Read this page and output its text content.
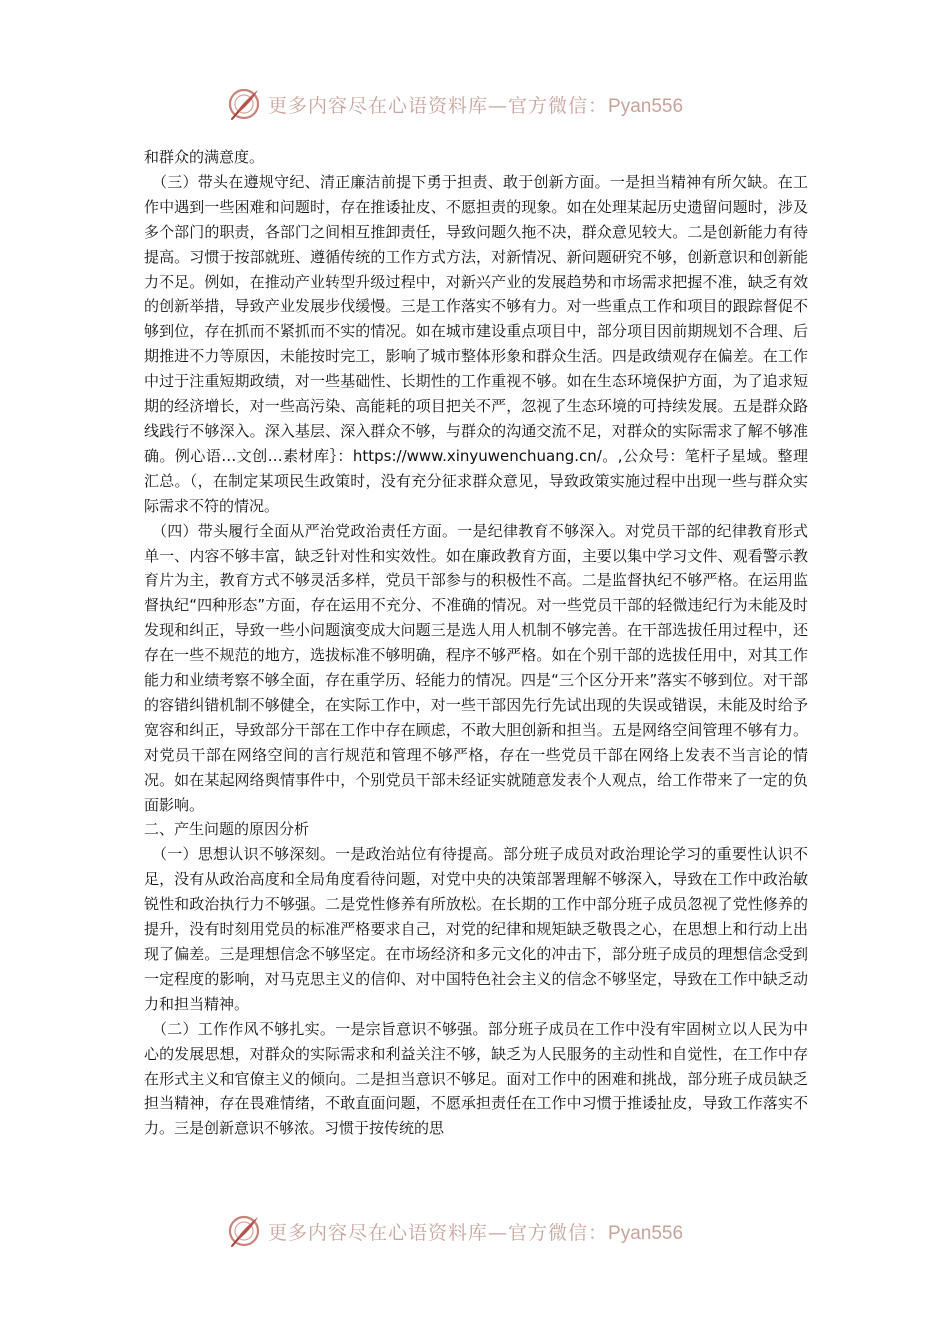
更多内容尽在心语资料库—官方微信：Pyan556

和群众的满意度。

（三）带头在遵规守纪、清正廉洁前提下勇于担责、敢于创新方面。一是担当精神有所欠缺。在工作中遇到一些困难和问题时，存在推诿扯皮、不愿担责的现象。如在处理某起历史遗留问题时，涉及多个部门的职责，各部门之间相互推卸责任，导致问题久拖不决，群众意见较大。二是创新能力有待提高。习惯于按部就班、遵循传统的工作方式方法，对新情况、新问题研究不够，创新意识和创新能力不足。例如，在推动产业转型升级过程中，对新兴产业的发展趋势和市场需求把握不准，缺乏有效的创新举措，导致产业发展步伐缓慢。三是工作落实不够有力。对一些重点工作和项目的跟踪督促不够到位，存在抓而不紧抓而不实的情况。如在城市建设重点项目中，部分项目因前期规划不合理、后期推进不力等原因，未能按时完工，影响了城市整体形象和群众生活。四是政绩观存在偏差。在工作中过于注重短期政绩，对一些基础性、长期性的工作重视不够。如在生态环境保护方面，为了追求短期的经济增长，对一些高污染、高能耗的项目把关不严，忽视了生态环境的可持续发展。五是群众路线践行不够深入。深入基层、深入群众不够，与群众的沟通交流不足，对群众的实际需求了解不够准确。例心语…文创…素材库｝：https://www.xinyuwenchuang.cn/。,公众号：笔杆子星域。整理汇总。（，在制定某项民生政策时，没有充分征求群众意见，导致政策实施过程中出现一些与群众实际需求不符的情况。

（四）带头履行全面从严治党政治责任方面。一是纪律教育不够深入。对党员干部的纪律教育形式单一、内容不够丰富，缺乏针对性和实效性。如在廉政教育方面，主要以集中学习文件、观看警示教育片为主，教育方式不够灵活多样，党员干部参与的积极性不高。二是监督执纪不够严格。在运用监督执纪“四种形态”方面，存在运用不充分、不准确的情况。对一些党员干部的轻微违纪行为未能及时发现和纠正，导致一些小问题演变成大问题三是选人用人机制不够完善。在干部选拔任用过程中，还存在一些不规范的地方，选拔标准不够明确，程序不够严格。如在个别干部的选拔任用中，对其工作能力和业绩考察不够全面，存在重学历、轻能力的情况。四是“三个区分开来”落实不够到位。对干部的容错纠错机制不够健全，在实际工作中，对一些干部因先行先试出现的失误或错误，未能及时给予宽容和纠正，导致部分干部在工作中存在顾虑，不敢大胆创新和担当。五是网络空间管理不够有力。对党员干部在网络空间的言行规范和管理不够严格，存在一些党员干部在网络上发表不当言论的情况。如在某起网络舆情事件中，个别党员干部未经证实就随意发表个人观点，给工作带来了一定的负面影响。

二、产生问题的原因分析

（一）思想认识不够深刻。一是政治站位有待提高。部分班子成员对政治理论学习的重要性认识不足，没有从政治高度和全局角度看待问题，对党中央的决策部署理解不够深入，导致在工作中政治敏锐性和政治执行力不够强。二是党性修养有所放松。在长期的工作中部分班子成员忽视了党性修养的提升，没有时刻用党员的标准严格要求自己，对党的纪律和规矩缺乏敬畏之心，在思想上和行动上出现了偏差。三是理想信念不够坚定。在市场经济和多元文化的冲击下，部分班子成员的理想信念受到一定程度的影响，对马克思主义的信仰、对中国特色社会主义的信念不够坚定，导致在工作中缺乏动力和担当精神。

（二）工作作风不够扎实。一是宗旨意识不够强。部分班子成员在工作中没有牢固树立以人民为中心的发展思想，对群众的实际需求和利益关注不够，缺乏为人民服务的主动性和自觉性，在工作中存在形式主义和官僚主义的倾向。二是担当意识不够足。面对工作中的困难和挑战，部分班子成员缺乏担当精神，存在畏难情绪，不敢直面问题，不愿承担责任在工作中习惯于推诿扯皮，导致工作落实不力。三是创新意识不够浓。习惯于按传统的思

更多内容尽在心语资料库—官方微信：Pyan556
